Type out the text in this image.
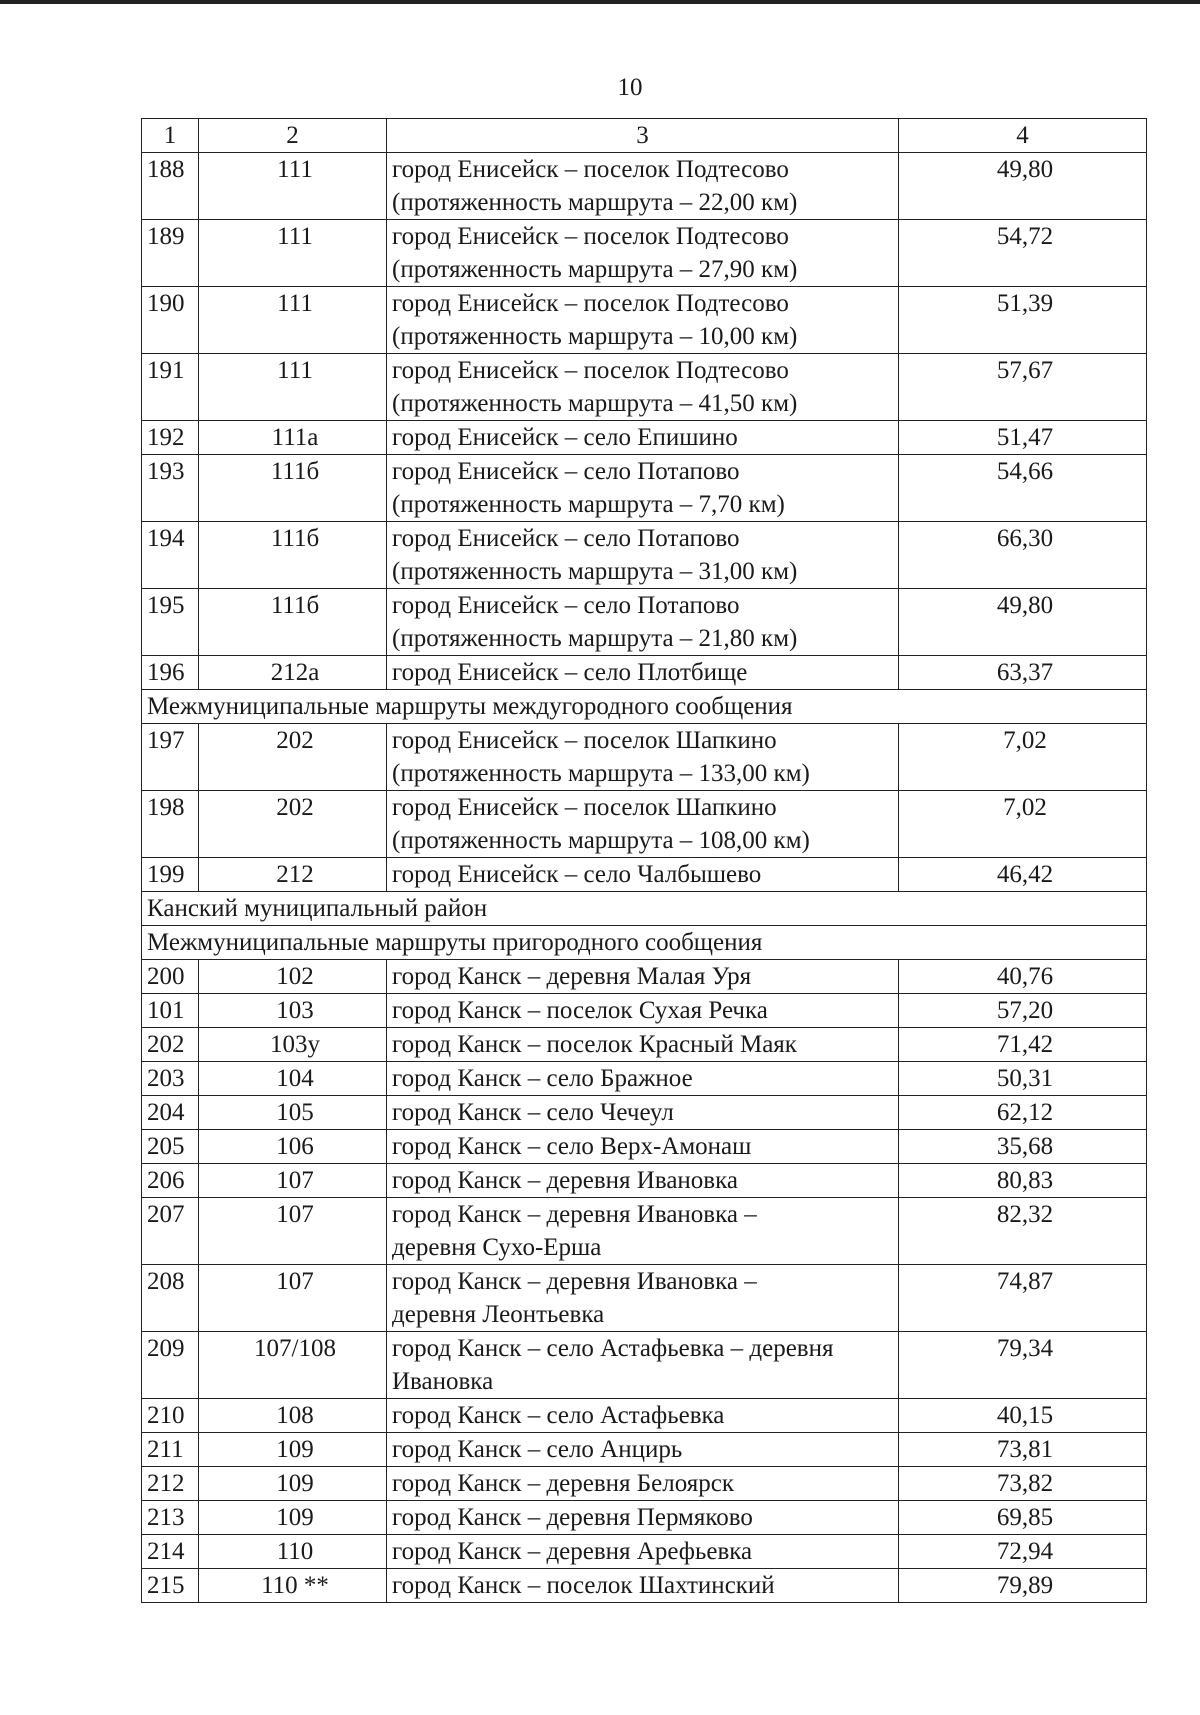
10
1	2	3	4
188	111	город Енисейск – поселок Подтесово
(протяженность маршрута – 22,00 км)	49,80
189	111	город Енисейск – поселок Подтесово
(протяженность маршрута – 27,90 км)	54,72
190	111	город Енисейск – поселок Подтесово
(протяженность маршрута – 10,00 км)	51,39
191	111	город Енисейск – поселок Подтесово
(протяженность маршрута – 41,50 км)	57,67
192	111а	город Енисейск – село Епишино	51,47
193	111б	город Енисейск – село Потапово
(протяженность маршрута – 7,70 км)	54,66
194	111б	город Енисейск – село Потапово
(протяженность маршрута – 31,00 км)	66,30
195	111б	город Енисейск – село Потапово
(протяженность маршрута – 21,80 км)	49,80
196	212а	город Енисейск – село Плотбище	63,37
Межмуниципальные маршруты междугородного сообщения			
197	202	город Енисейск – поселок Шапкино
(протяженность маршрута – 133,00 км)	7,02
198	202	город Енисейск – поселок Шапкино
(протяженность маршрута – 108,00 км)	7,02
199	212	город Енисейск – село Чалбышево	46,42
Канский муниципальный район			
Межмуниципальные маршруты пригородного сообщения			
200	102	город Канск – деревня Малая Уря	40,76
101	103	город Канск – поселок Сухая Речка	57,20
202	103у	город Канск – поселок Красный Маяк	71,42
203	104	город Канск – село Бражное	50,31
204	105	город Канск – село Чечеул	62,12
205	106	город Канск – село Верх-Амонаш	35,68
206	107	город Канск – деревня Ивановка	80,83
207	107	город Канск – деревня Ивановка –
деревня Сухо-Ерша	82,32
208	107	город Канск – деревня Ивановка –
деревня Леонтьевка	74,87
209	107/108	город Канск – село Астафьевка – деревня
Ивановка	79,34
210	108	город Канск – село Астафьевка	40,15
211	109	город Канск – село Анцирь	73,81
212	109	город Канск – деревня Белоярск	73,82
213	109	город Канск – деревня Пермяково	69,85
214	110	город Канск – деревня Арефьевка	72,94
215	110 **	город Канск – поселок Шахтинский	79,89
